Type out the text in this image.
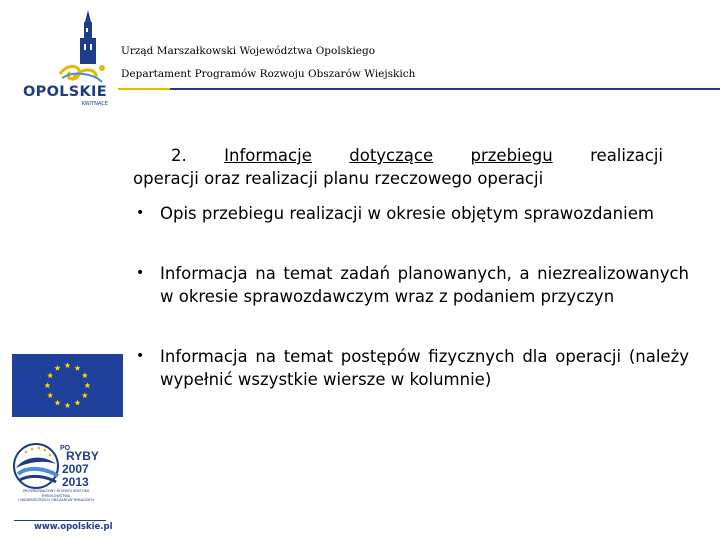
OPOLSKIE
KWITNĄCE
Urząd Marszałkowski Województwa Opolskiego
Departament Programów Rozwoju Obszarów Wiejskich
2. Informacje dotyczące przebiegu realizacji
operacji oraz realizacji planu rzeczowego operacji
• Opis przebiegu realizacji w okresie objętym sprawozdaniem
• Informacja na temat zadań planowanych, a niezrealizowanych w okresie sprawozdawczym wraz z podaniem przyczyn
• Informacja na temat postępów fizycznych dla operacji (należy wypełnić wszystkie wiersze w kolumnie)
PO
RYBY
2007
2013
ZRÓWNOWAŻONY ROZWÓJ SEKTORA RYBOŁÓWSTWA
I NADBRZEŻNYCH OBSZARÓW RYBACKICH
www.opolskie.pl
